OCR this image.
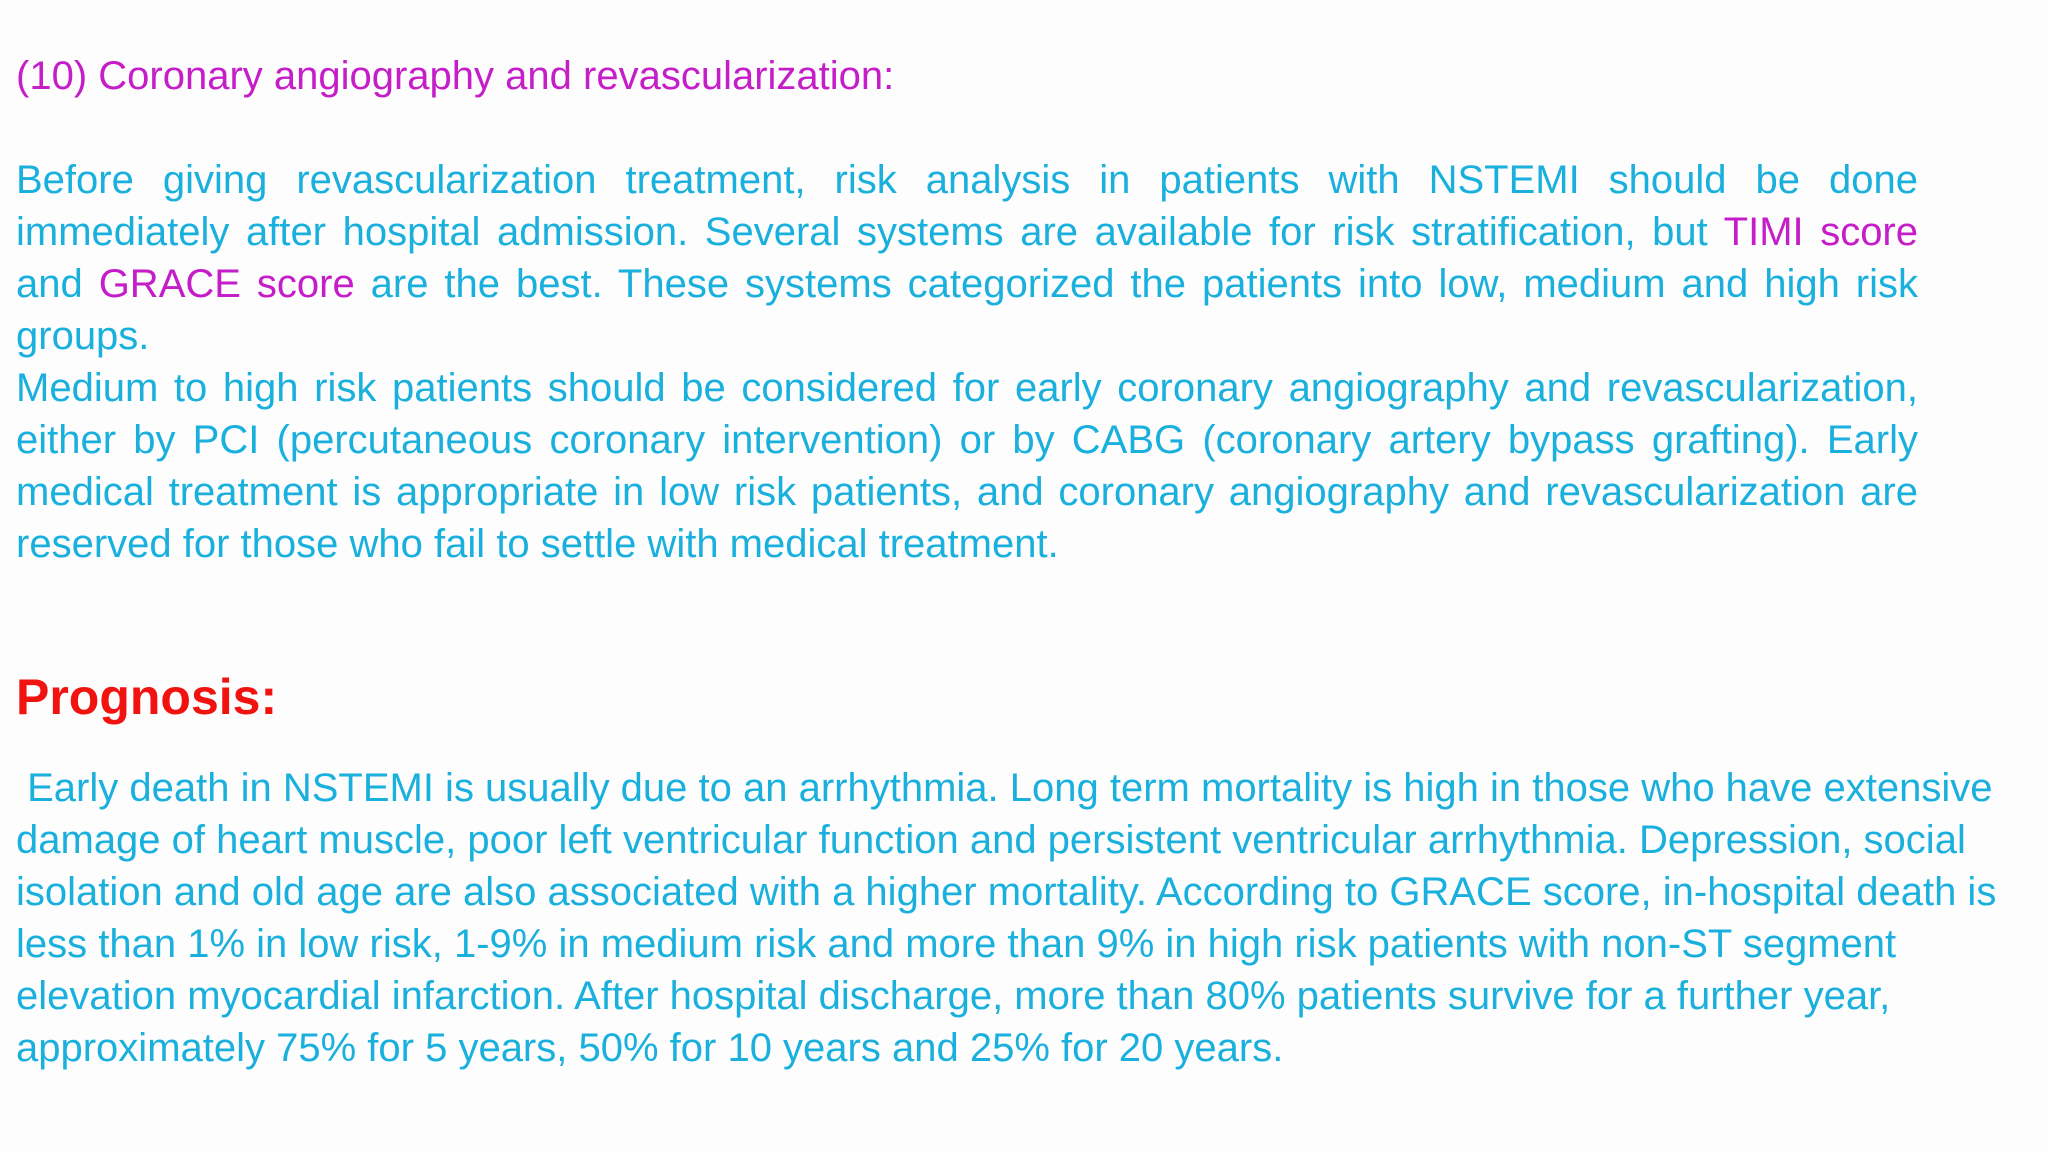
(10) Coronary angiography and revascularization:
Before giving revascularization treatment, risk analysis in patients with NSTEMI should be done immediately after hospital admission. Several systems are available for risk stratification, but TIMI score and GRACE score are the best. These systems categorized the patients into low, medium and high risk groups.
Medium to high risk patients should be considered for early coronary angiography and revascularization, either by PCI (percutaneous coronary intervention) or by CABG (coronary artery bypass grafting). Early medical treatment is appropriate in low risk patients, and coronary angiography and revascularization are reserved for those who fail to settle with medical treatment.
Prognosis:
Early death in NSTEMI is usually due to an arrhythmia. Long term mortality is high in those who have extensive damage of heart muscle, poor left ventricular function and persistent ventricular arrhythmia. Depression, social isolation and old age are also associated with a higher mortality. According to GRACE score, in-hospital death is less than 1% in low risk, 1-9% in medium risk and more than 9% in high risk patients with non-ST segment elevation myocardial infarction. After hospital discharge, more than 80% patients survive for a further year, approximately 75% for 5 years, 50% for 10 years and 25% for 20 years.
